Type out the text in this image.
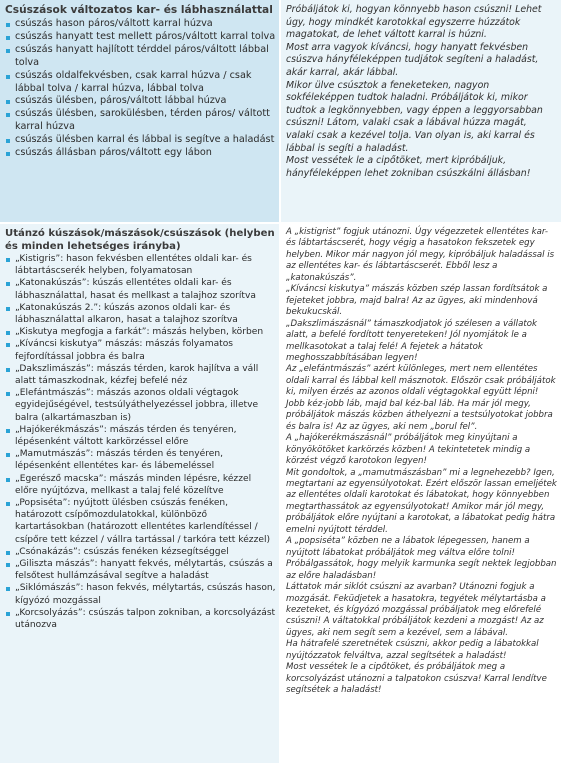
Csúszások változatos kar- és lábhasználattal
csúszás hason páros/váltott karral húzva
csúszás hanyatt test mellett páros/váltott karral tolva
csúszás hanyatt hajlított térddel páros/váltott lábbal tolva
csúszás oldalfekvésben, csak karral húzva / csak lábbal tolva / karral húzva, lábbal tolva
csúszás ülésben, páros/váltott lábbal húzva
csúszás ülésben, sarokülésben, térden páros/ váltott karral húzva
csúszás ülésben karral és lábbal is segítve a haladást
csúszás állásban páros/váltott egy lábon

Próbáljátok ki, hogyan könnyebb hason csúszni! Lehet úgy, hogy mindkét karotokkal egyszerre húzzátok magatokat, de lehet váltott karral is húzni.

Most arra vagyok kíváncsi, hogy hanyatt fekvésben csúszva hányféleképpen tudjátok segíteni a haladást, akár karral, akár lábbal.

Mikor ülve csúsztok a feneketeken, nagyon sokféleképpen tudtok haladni. Próbáljátok ki, mikor tudtok a legkönnyebben, vagy éppen a leggyorsabban csúszni! Látom, valaki csak a lábával húzza magát, valaki csak a kezével tolja. Van olyan is, aki karral és lábbal is segíti a haladást.

Most vessétek le a cipőtöket, mert kipróbáljuk, hányféleképpen lehet zokniban csúszkálni állásban!

Utánzó kúszások/mászások/csúszások (helyben és minden lehetséges irányba)
„Kistigris”: hason fekvésben ellentétes oldali kar- és lábtartáscserék helyben, folyamatosan
„Katonakúszás”: kúszás ellentétes oldali kar- és lábhasználattal, hasat és mellkast a talajhoz szorítva
„Katonakúszás 2.”: kúszás azonos oldali kar- és lábhasználattal alkaron, hasat a talajhoz szorítva
„Kiskutya megfogja a farkát”: mászás helyben, körben
„Kíváncsi kiskutya” mászás: mászás folyamatos fejfordítással jobbra és balra
„Dakszlimászás”: mászás térden, karok hajlítva a váll alatt támaszkodnak, kézfej befelé néz
„Elefántmászás”: mászás azonos oldali végtagok egyidejűségével, testsúlyáthelyezéssel jobbra, illetve balra (alkartámaszban is)
„Hajókerékmászás”: mászás térden és tenyéren, lépésenként váltott karkörzéssel előre
„Mamutmászás”: mászás térden és tenyéren, lépésenként ellentétes kar- és lábemeléssel
„Egerésző macska”: mászás minden lépésre, kézzel előre nyújtózva, mellkast a talaj felé közelítve
„Popsiséta”: nyújtott ülésben csúszás fenéken, határozott csípőmozdulatokkal, különböző kartartásokban (határozott ellentétes karlendítéssel / csípőre tett kézzel / vállra tartással / tarkóra tett kézzel)
„Csónakázás”: csúszás fenéken kézsegítséggel
„Giliszta mászás”: hanyatt fekvés, mélytartás, csúszás a felsőtest hullámzásával segítve a haladást
„Siklómászás”: hason fekvés, mélytartás, csúszás hason, kígyózó mozgással
„Korcsolyázás”: csúszás talpon zokniban, a korcsolyázást utánozva

A „kistigrist” fogjuk utánozni. Úgy végezzetek ellentétes kar- és lábtartáscserét, hogy végig a hasatokon fekszetek egy helyben. Mikor már nagyon jól megy, kipróbáljuk haladással is az ellentétes kar- és lábtartáscserét. Ebből lesz a „katonakúszás”.

„Kíváncsi kiskutya” mászás közben szép lassan fordítsátok a fejeteket jobbra, majd balra! Az az ügyes, aki mindenhová bekukucskál.

„Dakszlimászásnál” támaszkodjatok jó szélesen a vállatok alatt, a befelé fordított tenyereteken! Jól nyomjátok le a mellkasotokat a talaj felé! A fejetek a hátatok meghosszabbításában legyen!

Az „elefántmászás” azért különleges, mert nem ellentétes oldali karral és lábbal kell másznotok. Először csak próbáljátok ki, milyen érzés az azonos oldali végtagokkal együtt lépni! Jobb kéz-jobb láb, majd bal kéz-bal láb. Ha már jól megy, próbáljátok mászás közben áthelyezni a testsúlyotokat jobbra és balra is! Az az ügyes, aki nem „borul fel”.

A „hajókerékmászásnál” próbáljátok meg kinyújtani a könyökötöket karkörzés közben! A tekintetetek mindig a körzést végző karotokon legyen!

Mit gondoltok, a „mamutmászásban” mi a legnehezebb? Igen, megtartani az egyensúlyotokat. Ezért először lassan emeljétek az ellentétes oldali karotokat és lábatokat, hogy könnyebben megtarthassátok az egyensúlyotokat! Amikor már jól megy, próbáljátok előre nyújtani a karotokat, a lábatokat pedig hátra emelni nyújtott térddel.

A „popsiséta” közben ne a lábatok lépegessen, hanem a nyújtott lábatokat próbáljátok meg váltva előre tolni! Próbálgassátok, hogy melyik karmunka segít nektek legjobban az előre haladásban!

Láttatok már siklót csúszni az avarban? Utánozni fogjuk a mozgását. Feküdjetek a hasatokra, tegyétek mélytartásba a kezeteket, és kígyózó mozgással próbáljatok meg előrefelé csúszni! A váltatokkal próbáljátok kezdeni a mozgást! Az az ügyes, aki nem segít sem a kezével, sem a lábával.

Ha hátrafelé szeretnétek csúszni, akkor pedig a lábatokkal nyújtózzatok felváltva, azzal segítsétek a haladást!

Most vessétek le a cipőtöket, és próbáljátok meg a korcsolyázást utánozni a talpatokon csúszva! Karral lendítve segítsétek a haladást!
